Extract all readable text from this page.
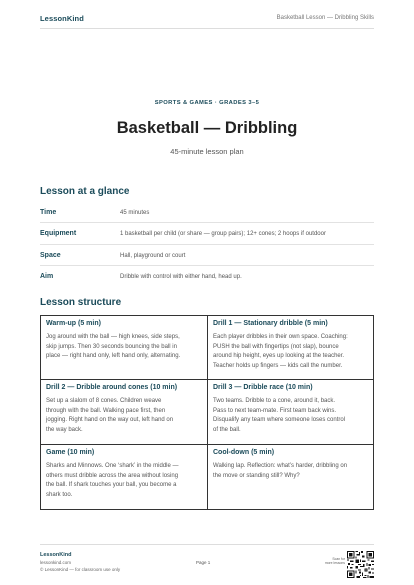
LessonKind	Basketball Lesson — Dribbling Skills
SPORTS & GAMES · GRADES 3–5
Basketball — Dribbling
45-minute lesson plan
Lesson at a glance
Time	45 minutes
Equipment	1 basketball per child (or share — group pairs); 12+ cones; 2 hoops if outdoor
Space	Hall, playground or court
Aim	Dribble with control with either hand, head up.
Lesson structure
Warm-up (5 min)
Jog around with the ball — high knees, side steps,
skip jumps. Then 30 seconds bouncing the ball in
place — right hand only, left hand only, alternating.
Drill 1 — Stationary dribble (5 min)
Each player dribbles in their own space. Coaching:
PUSH the ball with fingertips (not slap), bounce
around hip height, eyes up looking at the teacher.
Teacher holds up fingers — kids call the number.
Drill 2 — Dribble around cones (10 min)
Set up a slalom of 8 cones. Children weave
through with the ball. Walking pace first, then
jogging. Right hand on the way out, left hand on
the way back.
Drill 3 — Dribble race (10 min)
Two teams. Dribble to a cone, around it, back.
Pass to next team-mate. First team back wins.
Disqualify any team where someone loses control
of the ball.
Game (10 min)
Sharks and Minnows. One ‘shark’ in the middle —
others must dribble across the area without losing
the ball. If shark touches your ball, you become a
shark too.
Cool-down (5 min)
Walking lap. Reflection: what’s harder, dribbling on
the move or standing still? Why?
LessonKind
lessonkind.com
© LessonKind — for classroom use only
Page 1
Scan for
more lessons
